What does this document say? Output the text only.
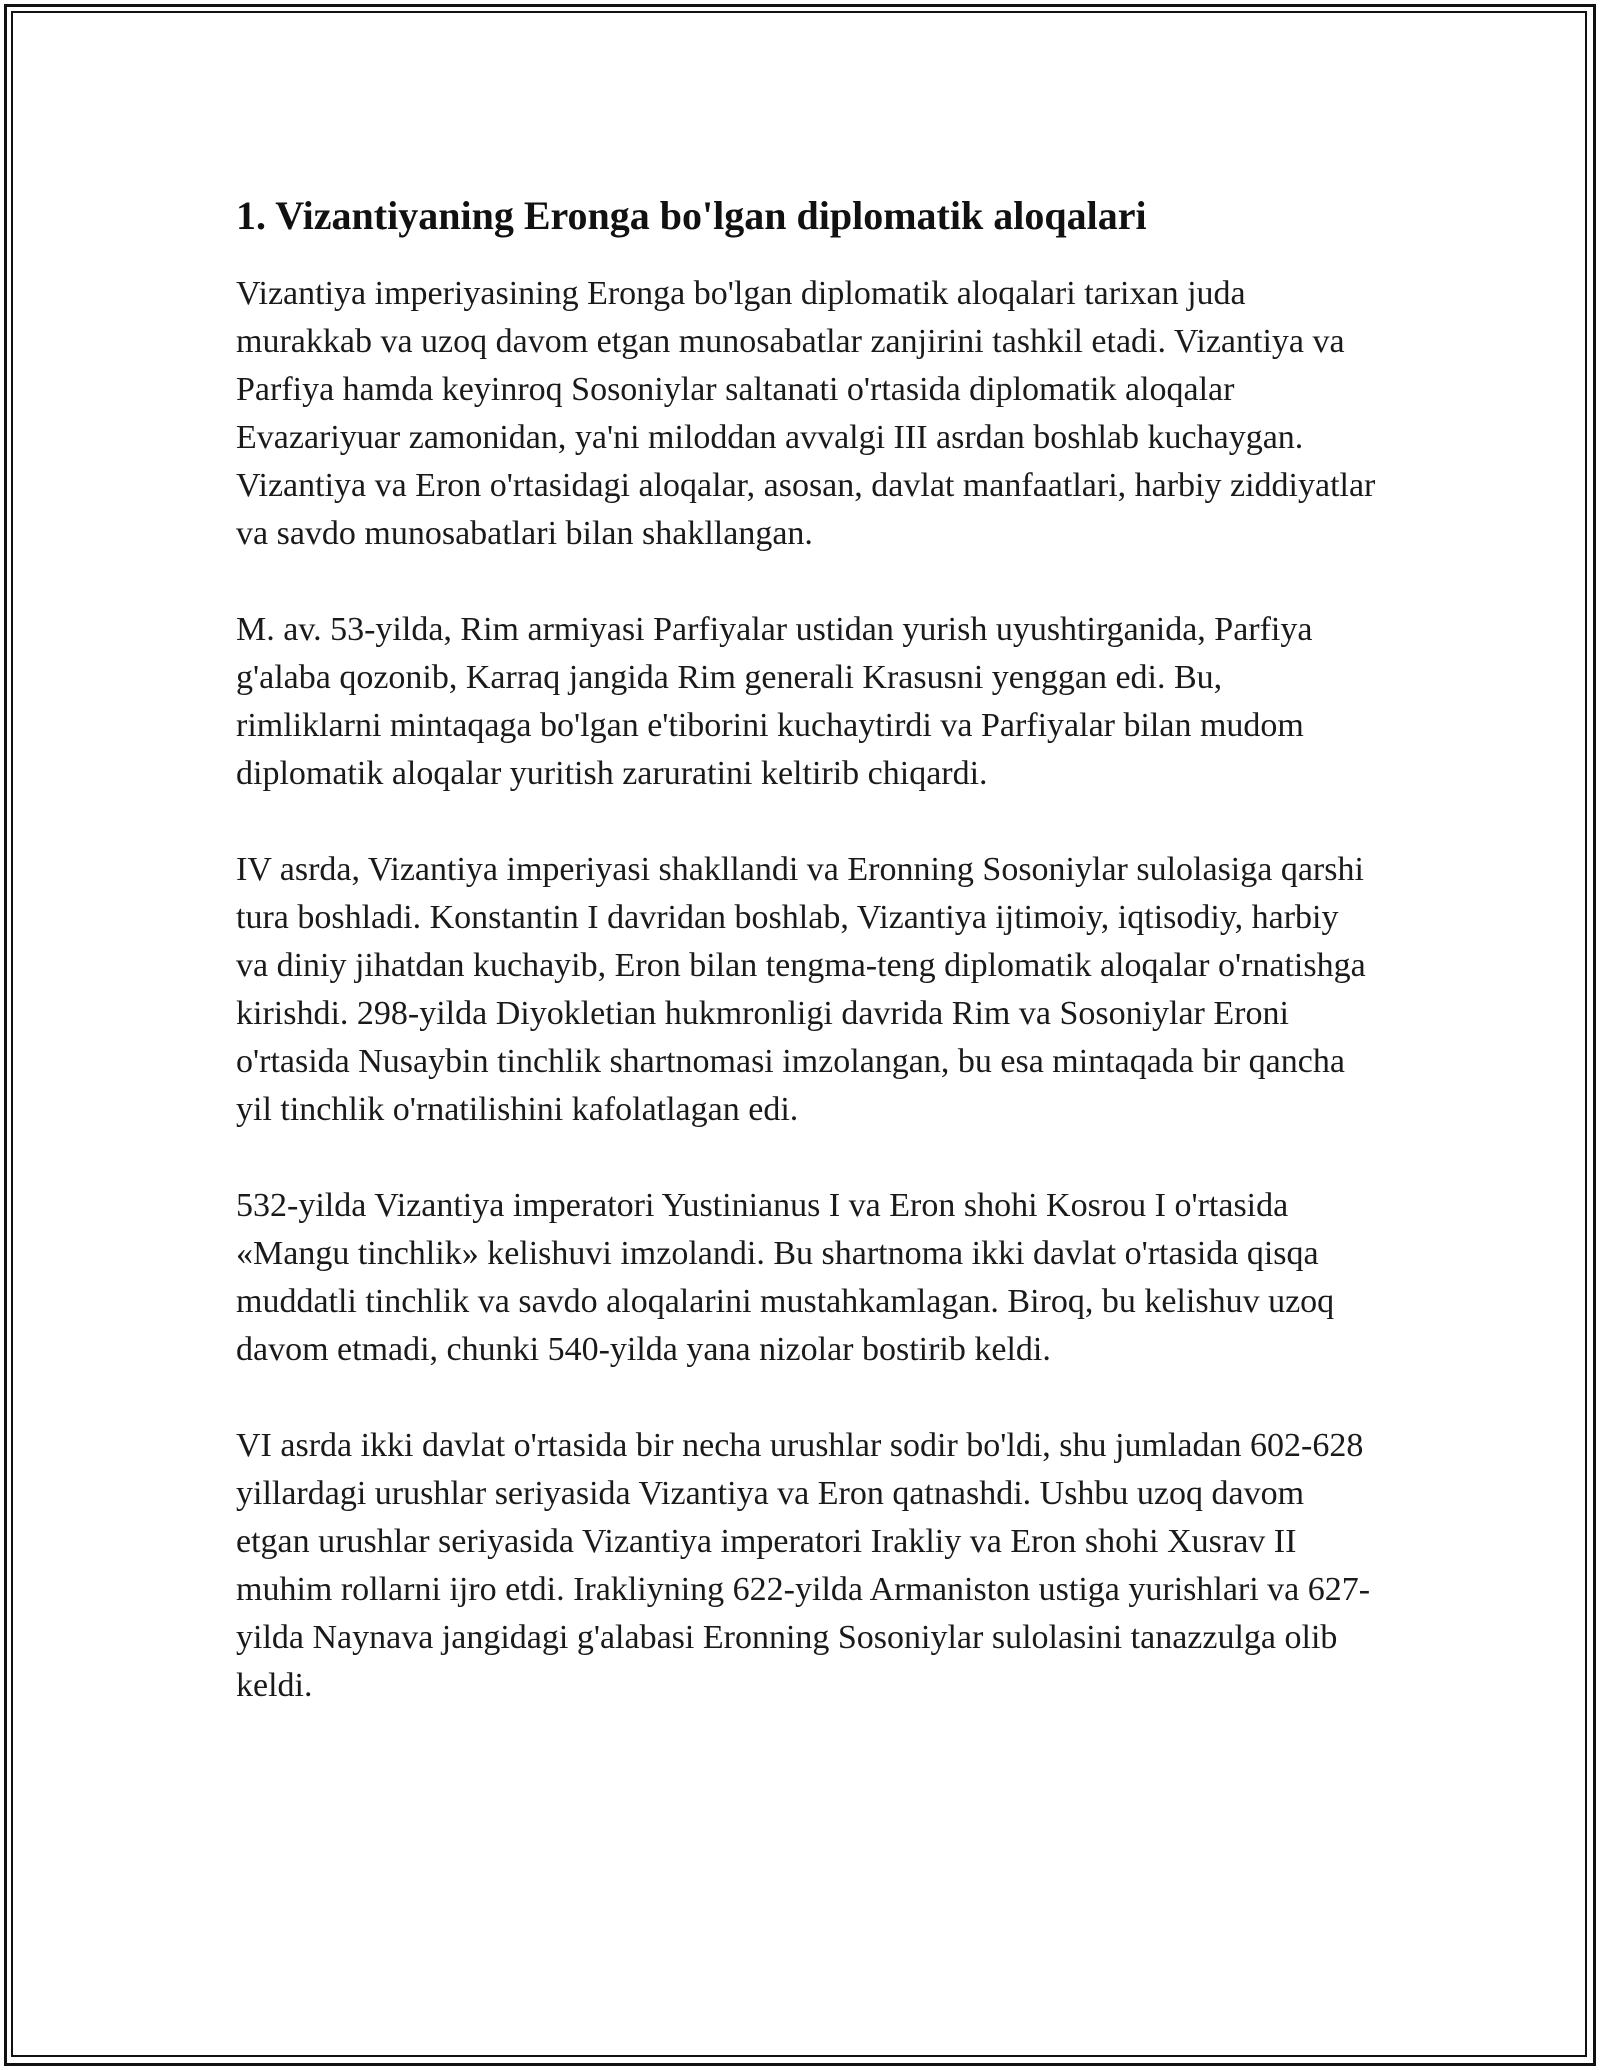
1. Vizantiyaning Eronga bo'lgan diplomatik aloqalari

Vizantiya imperiyasining Eronga bo'lgan diplomatik aloqalari tarixan juda murakkab va uzoq davom etgan munosabatlar zanjirini tashkil etadi. Vizantiya va Parfiya hamda keyinroq Sosoniylar saltanati o'rtasida diplomatik aloqalar Evazariyuar zamonidan, ya'ni miloddan avvalgi III asrdan boshlab kuchaygan. Vizantiya va Eron o'rtasidagi aloqalar, asosan, davlat manfaatlari, harbiy ziddiyatlar va savdo munosabatlari bilan shakllangan.

M. av. 53-yilda, Rim armiyasi Parfiyalar ustidan yurish uyushtirganida, Parfiya g'alaba qozonib, Karraq jangida Rim generali Krasusni yenggan edi. Bu, rimliklarni mintaqaga bo'lgan e'tiborini kuchaytirdi va Parfiyalar bilan mudom diplomatik aloqalar yuritish zaruratini keltirib chiqardi.

IV asrda, Vizantiya imperiyasi shakllandi va Eronning Sosoniylar sulolasiga qarshi tura boshladi. Konstantin I davridan boshlab, Vizantiya ijtimoiy, iqtisodiy, harbiy va diniy jihatdan kuchayib, Eron bilan tengma-teng diplomatik aloqalar o'rnatishga kirishdi. 298-yilda Diyokletian hukmronligi davrida Rim va Sosoniylar Eroni o'rtasida Nusaybin tinchlik shartnomasi imzolangan, bu esa mintaqada bir qancha yil tinchlik o'rnatilishini kafolatlagan edi.

532-yilda Vizantiya imperatori Yustinianus I va Eron shohi Kosrou I o'rtasida «Mangu tinchlik» kelishuvi imzolandi. Bu shartnoma ikki davlat o'rtasida qisqa muddatli tinchlik va savdo aloqalarini mustahkamlagan. Biroq, bu kelishuv uzoq davom etmadi, chunki 540-yilda yana nizolar bostirib keldi.

VI asrda ikki davlat o'rtasida bir necha urushlar sodir bo'ldi, shu jumladan 602-628 yillardagi urushlar seriyasida Vizantiya va Eron qatnashdi. Ushbu uzoq davom etgan urushlar seriyasida Vizantiya imperatori Irakliy va Eron shohi Xusrav II muhim rollarni ijro etdi. Irakliyning 622-yilda Armaniston ustiga yurishlari va 627-yilda Naynava jangidagi g'alabasi Eronning Sosoniylar sulolasini tanazzulga olib keldi.
